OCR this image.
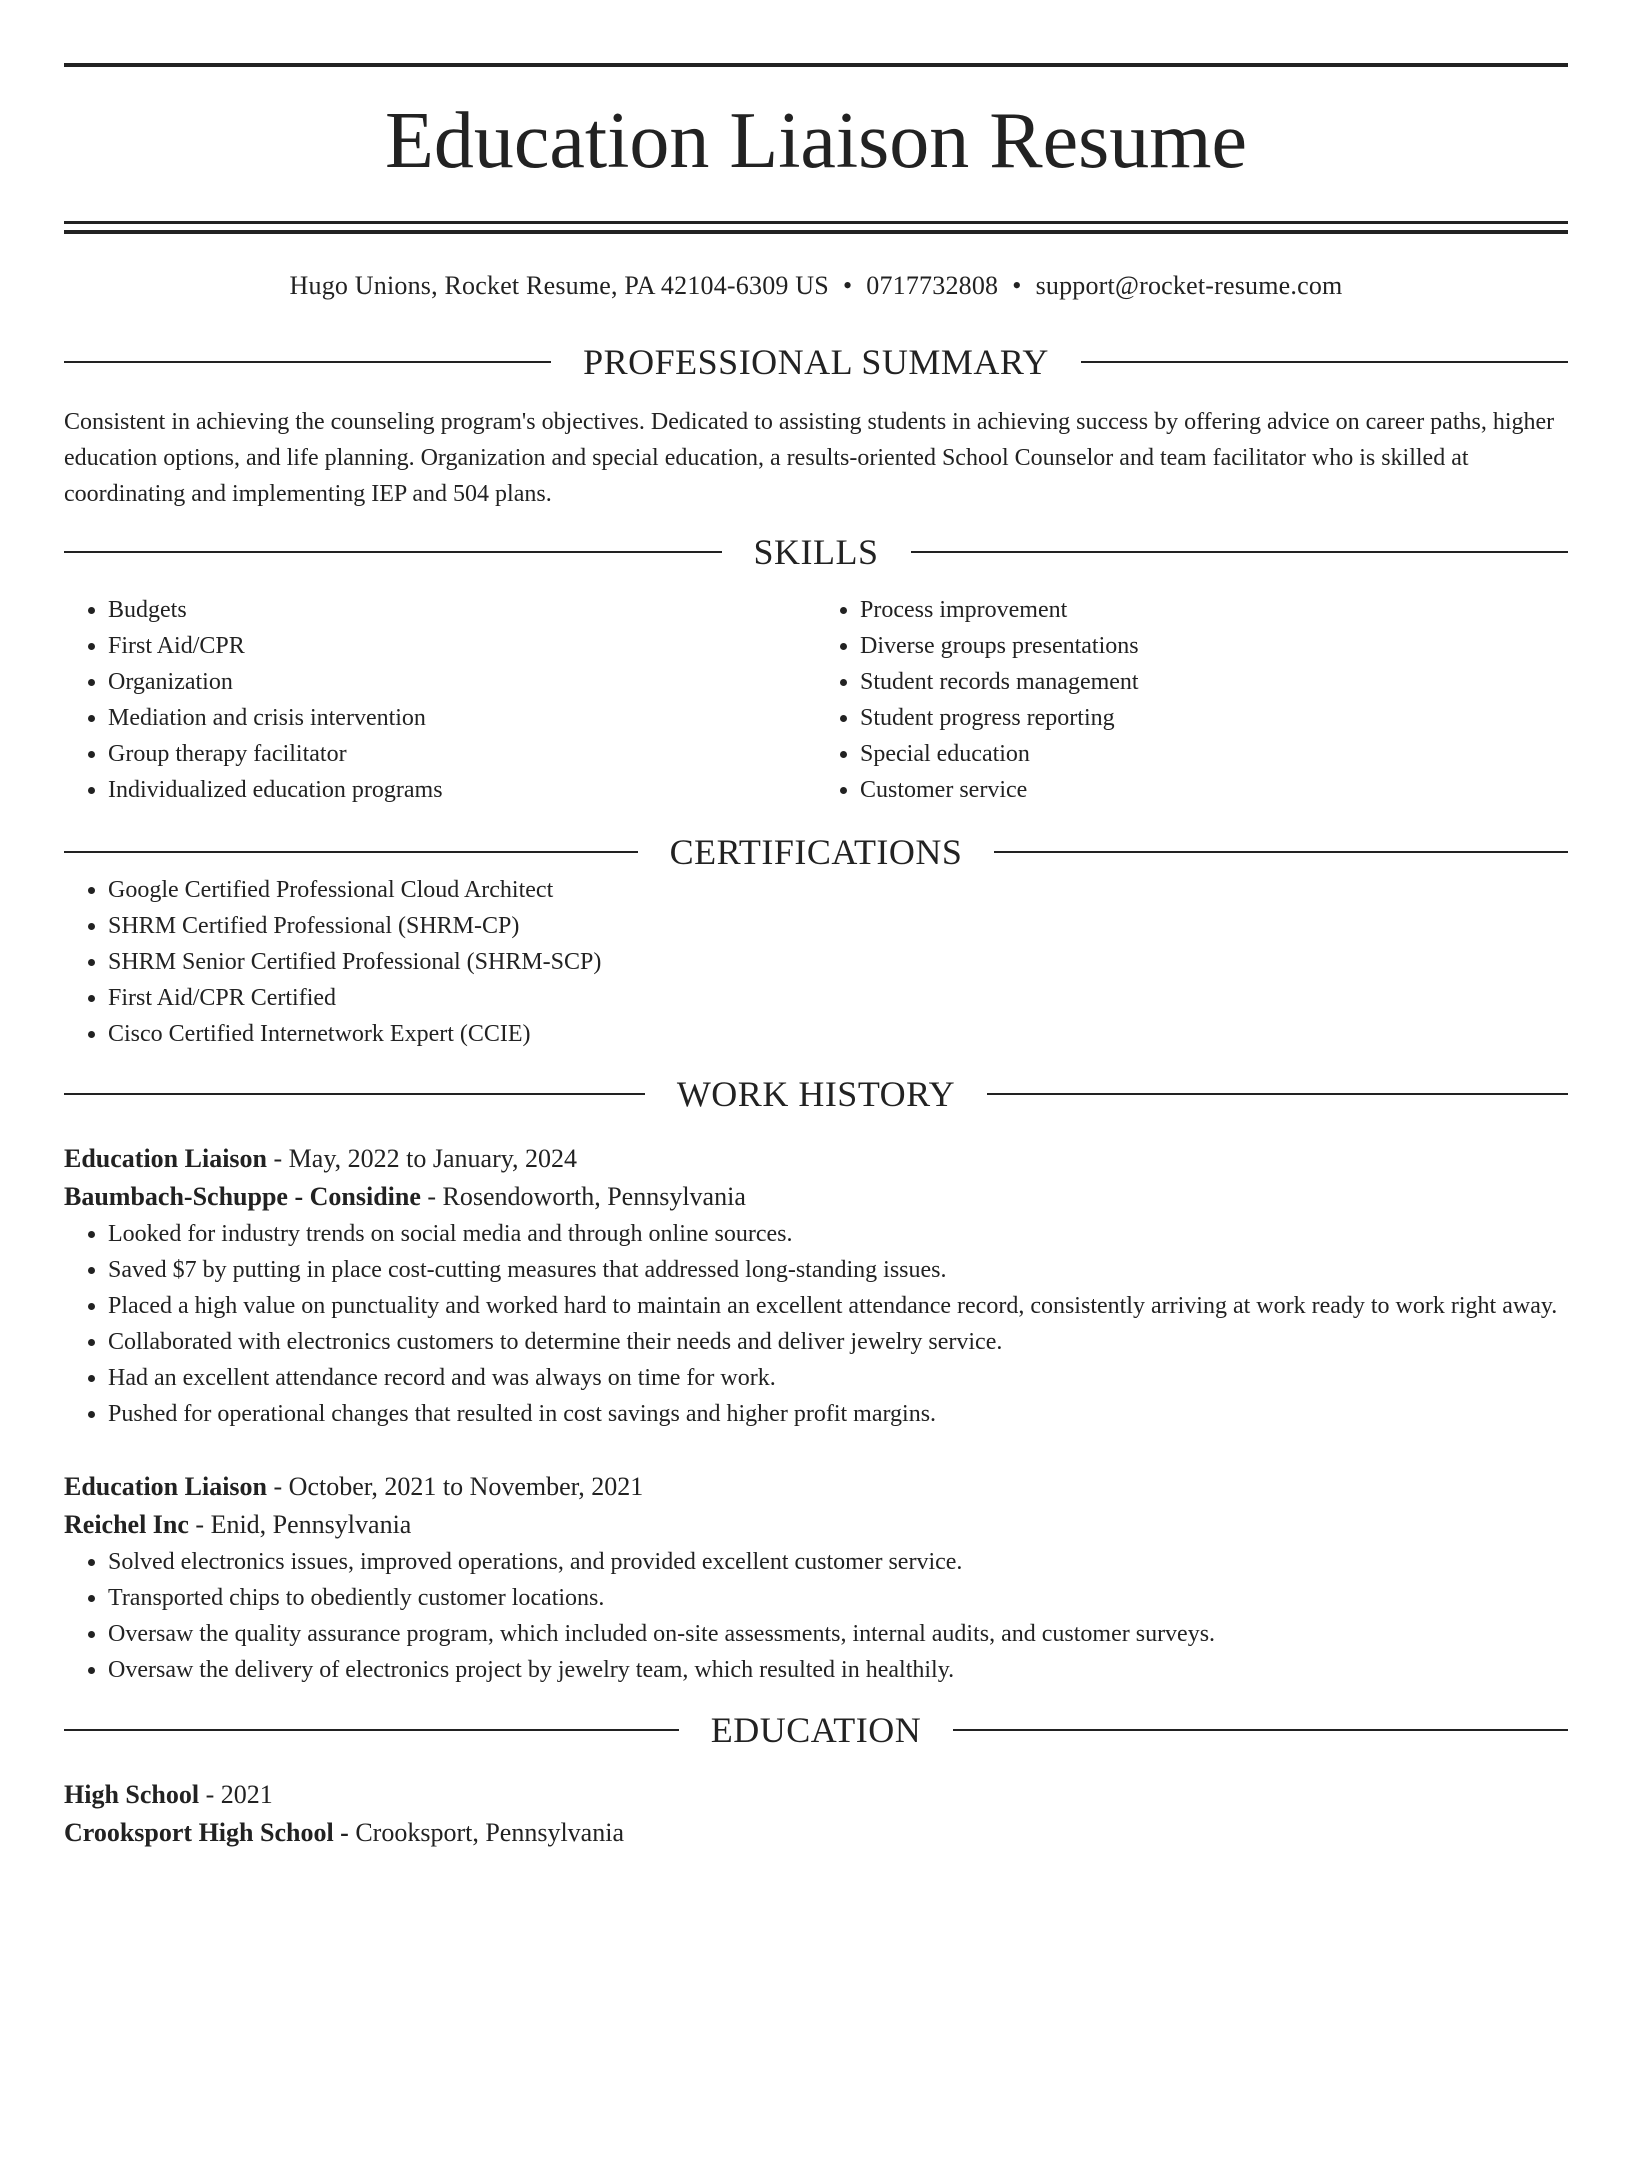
Education Liaison Resume
Hugo Unions, Rocket Resume, PA 42104-6309 US • 0717732808 • support@rocket-resume.com
PROFESSIONAL SUMMARY

Consistent in achieving the counseling program's objectives. Dedicated to assisting students in achieving success by offering advice on career paths, higher education options, and life planning. Organization and special education, a results-oriented School Counselor and team facilitator who is skilled at coordinating and implementing IEP and 504 plans.

SKILLS
• Budgets
• First Aid/CPR
• Organization
• Mediation and crisis intervention
• Group therapy facilitator
• Individualized education programs
• Process improvement
• Diverse groups presentations
• Student records management
• Student progress reporting
• Special education
• Customer service
CERTIFICATIONS
• Google Certified Professional Cloud Architect
• SHRM Certified Professional (SHRM-CP)
• SHRM Senior Certified Professional (SHRM-SCP)
• First Aid/CPR Certified
• Cisco Certified Internetwork Expert (CCIE)
WORK HISTORY
Education Liaison - May, 2022 to January, 2024
Baumbach-Schuppe - Considine - Rosendoworth, Pennsylvania
• Looked for industry trends on social media and through online sources.
• Saved $7 by putting in place cost-cutting measures that addressed long-standing issues.
• Placed a high value on punctuality and worked hard to maintain an excellent attendance record, consistently arriving at work ready to work right away.
• Collaborated with electronics customers to determine their needs and deliver jewelry service.
• Had an excellent attendance record and was always on time for work.
• Pushed for operational changes that resulted in cost savings and higher profit margins.
Education Liaison - October, 2021 to November, 2021
Reichel Inc - Enid, Pennsylvania
• Solved electronics issues, improved operations, and provided excellent customer service.
• Transported chips to obediently customer locations.
• Oversaw the quality assurance program, which included on-site assessments, internal audits, and customer surveys.
• Oversaw the delivery of electronics project by jewelry team, which resulted in healthily.
EDUCATION
High School - 2021
Crooksport High School - Crooksport, Pennsylvania
